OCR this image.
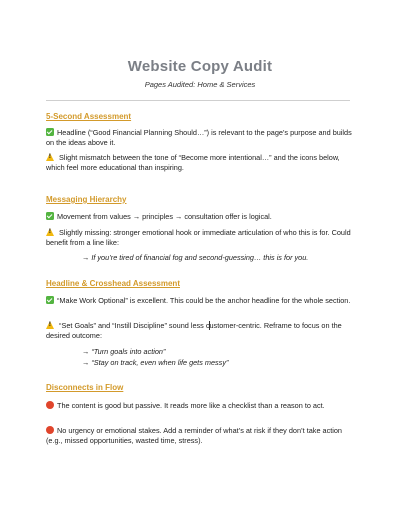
Website Copy Audit
Pages Audited: Home & Services
5-Second Assessment
Headline (“Good Financial Planning Should…”) is relevant to the page’s purpose and builds on the ideas above it.
! Slight mismatch between the tone of “Become more intentional…” and the icons below, which feel more educational than inspiring.
Messaging Hierarchy
Movement from values → principles → consultation offer is logical.
! Slightly missing: stronger emotional hook or immediate articulation of who this is for. Could benefit from a line like:
→ If you’re tired of financial fog and second-guessing… this is for you.
Headline & Crosshead Assessment
“Make Work Optional” is excellent. This could be the anchor headline for the whole section.
! “Set Goals” and “Instill Discipline” sound less customer-centric. Reframe to focus on the desired outcome:
→ “Turn goals into action”
→ “Stay on track, even when life gets messy”
Disconnects in Flow
The content is good but passive. It reads more like a checklist than a reason to act.
No urgency or emotional stakes. Add a reminder of what’s at risk if they don’t take action (e.g., missed opportunities, wasted time, stress).
